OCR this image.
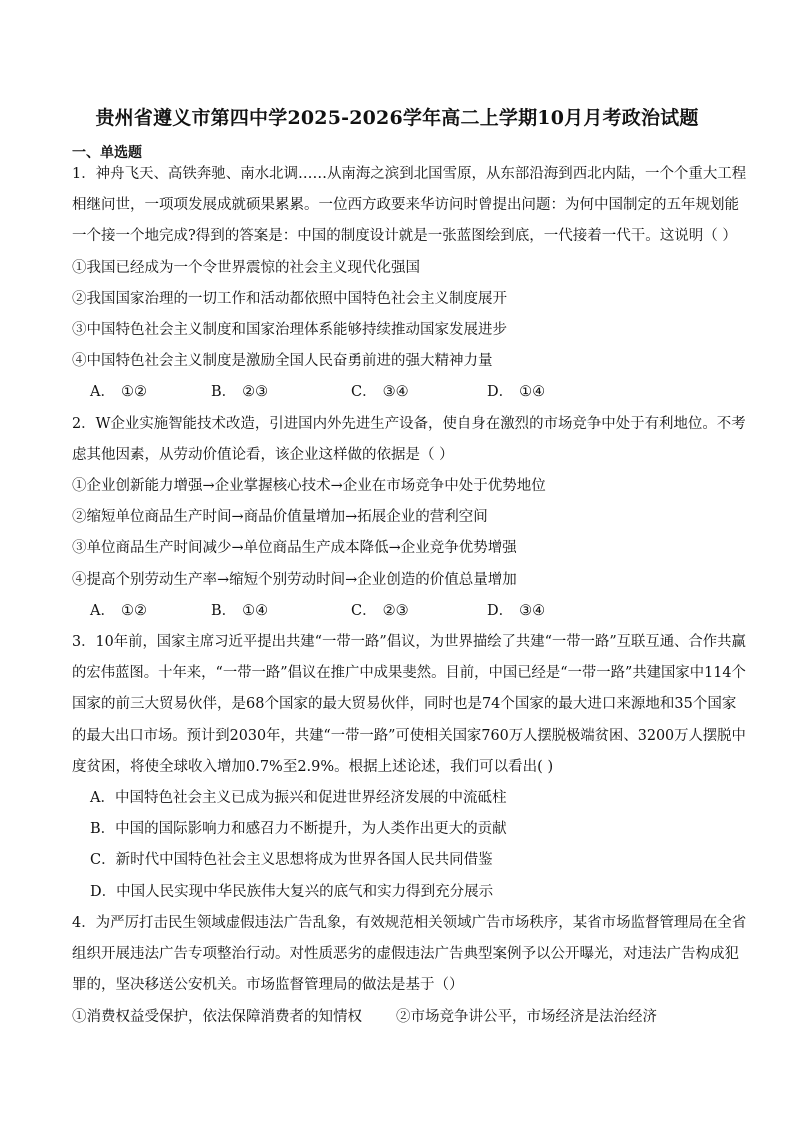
贵州省遵义市第四中学2025-2026学年高二上学期10月月考政治试题
一、单选题
1．神舟飞天、高铁奔驰、南水北调……从南海之滨到北国雪原，从东部沿海到西北内陆，一个个重大工程
相继问世，一项项发展成就硕果累累。一位西方政要来华访问时曾提出问题：为何中国制定的五年规划能
一个接一个地完成?得到的答案是：中国的制度设计就是一张蓝图绘到底，一代接着一代干。这说明（ ）
①我国已经成为一个令世界震惊的社会主义现代化强国
②我国国家治理的一切工作和活动都依照中国特色社会主义制度展开
③中国特色社会主义制度和国家治理体系能够持续推动国家发展进步
④中国特色社会主义制度是激励全国人民奋勇前进的强大精神力量
A． ①②	B． ②③	C． ③④	D． ①④
2．W企业实施智能技术改造，引进国内外先进生产设备，使自身在激烈的市场竞争中处于有利地位。不考
虑其他因素，从劳动价值论看，该企业这样做的依据是（ ）
①企业创新能力增强→企业掌握核心技术→企业在市场竞争中处于优势地位
②缩短单位商品生产时间→商品价值量增加→拓展企业的营利空间
③单位商品生产时间减少→单位商品生产成本降低→企业竞争优势增强
④提高个别劳动生产率→缩短个别劳动时间→企业创造的价值总量增加
A． ①②	B． ①④	C． ②③	D． ③④
3．10年前，国家主席习近平提出共建“一带一路”倡议，为世界描绘了共建“一带一路”互联互通、合作共赢
的宏伟蓝图。十年来，“一带一路”倡议在推广中成果斐然。目前，中国已经是“一带一路”共建国家中114个
国家的前三大贸易伙伴，是68个国家的最大贸易伙伴，同时也是74个国家的最大进口来源地和35个国家
的最大出口市场。预计到2030年，共建“一带一路”可使相关国家760万人摆脱极端贫困、3200万人摆脱中
度贫困，将使全球收入增加0.7%至2.9%。根据上述论述，我们可以看出( )
A．中国特色社会主义已成为振兴和促进世界经济发展的中流砥柱
B．中国的国际影响力和感召力不断提升，为人类作出更大的贡献
C．新时代中国特色社会主义思想将成为世界各国人民共同借鉴
D．中国人民实现中华民族伟大复兴的底气和实力得到充分展示
4．为严厉打击民生领域虚假违法广告乱象，有效规范相关领域广告市场秩序，某省市场监督管理局在全省
组织开展违法广告专项整治行动。对性质恶劣的虚假违法广告典型案例予以公开曝光，对违法广告构成犯
罪的，坚决移送公安机关。市场监督管理局的做法是基于（）
①消费权益受保护，依法保障消费者的知情权 ②市场竞争讲公平，市场经济是法治经济
